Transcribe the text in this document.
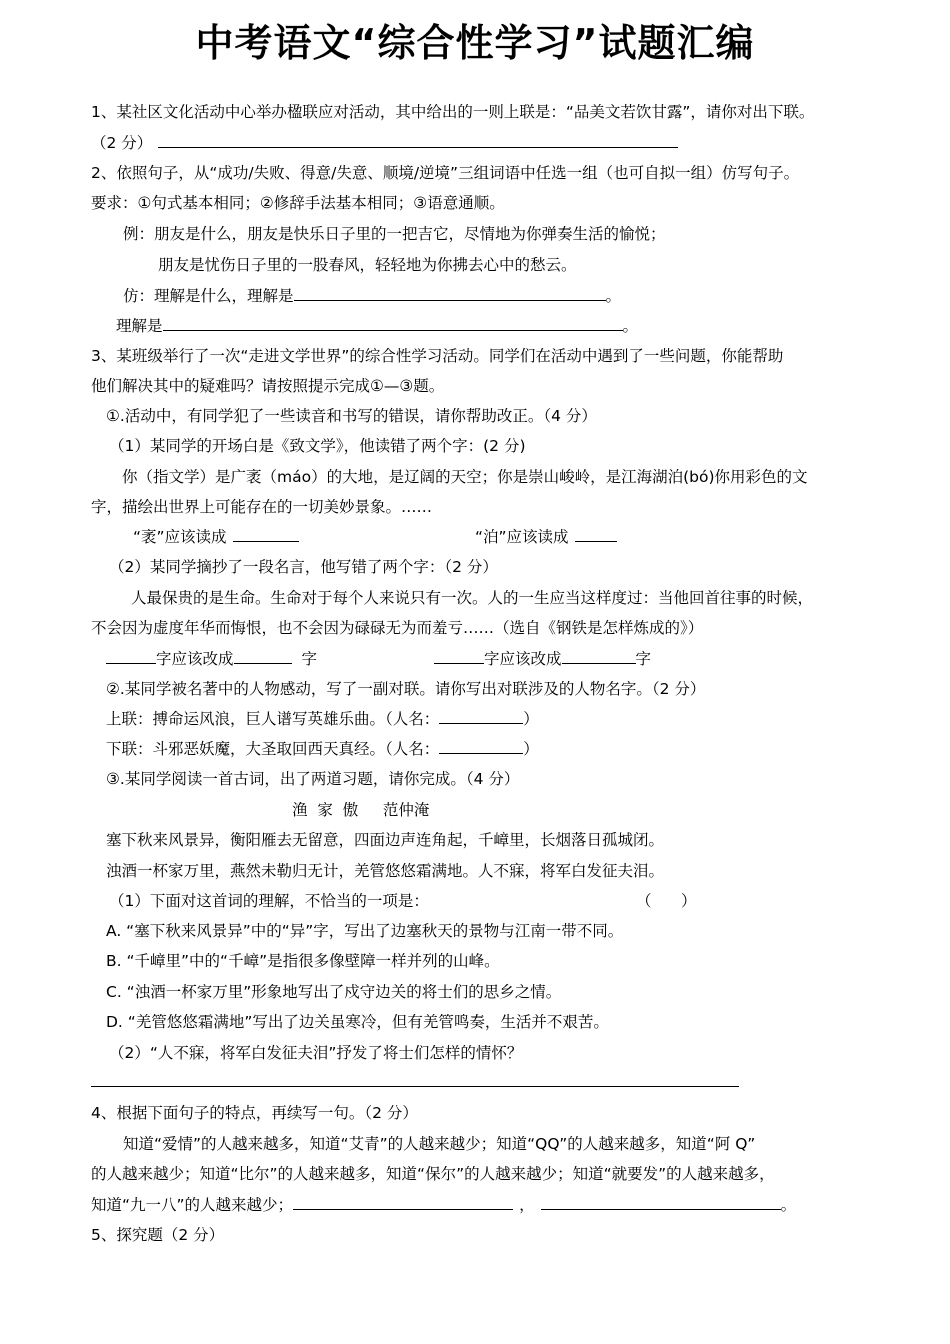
中考语文“综合性学习”试题汇编
1、某社区文化活动中心举办楹联应对活动，其中给出的一则上联是：“品美文若饮甘露”，请你对出下联。
（2 分）
2、依照句子，从“成功/失败、得意/失意、顺境/逆境”三组词语中任选一组（也可自拟一组）仿写句子。
要求：①句式基本相同；②修辞手法基本相同；③语意通顺。
例：朋友是什么，朋友是快乐日子里的一把吉它，尽情地为你弹奏生活的愉悦；
朋友是忧伤日子里的一股春风，轻轻地为你拂去心中的愁云。
仿：理解是什么，理解是	。
理解是	。
3、某班级举行了一次“走进文学世界”的综合性学习活动。同学们在活动中遇到了一些问题，你能帮助
他们解决其中的疑难吗？请按照提示完成①—③题。
①.活动中，有同学犯了一些读音和书写的错误，请你帮助改正。（4 分）
（1）某同学的开场白是《致文学》，他读错了两个字：(2 分)
你（指文学）是广袤（máo）的大地，是辽阔的天空；你是崇山峻岭，是江海湖泊(bó)你用彩色的文
字，描绘出世界上可能存在的一切美妙景象。……
“袤”应该读成	“泊”应该读成
（2）某同学摘抄了一段名言，他写错了两个字：（2 分）
人最保贵的是生命。生命对于每个人来说只有一次。人的一生应当这样度过：当他回首往事的时候，
不会因为虚度年华而悔恨，也不会因为碌碌无为而羞亏……（选自《钢铁是怎样炼成的》）
字应该改成	字	字应该改成	字
②.某同学被名著中的人物感动，写了一副对联。请你写出对联涉及的人物名字。（2 分）
上联：搏命运风浪，巨人谱写英雄乐曲。（人名：	）
下联：斗邪恶妖魔，大圣取回西天真经。（人名：	）
③.某同学阅读一首古词，出了两道习题，请你完成。（4 分）
渔  家  傲     范仲淹
塞下秋来风景异，衡阳雁去无留意，四面边声连角起，千嶂里，长烟落日孤城闭。
浊酒一杯家万里，燕然未勒归无计，羌管悠悠霜满地。人不寐，将军白发征夫泪。
（1）下面对这首词的理解，不恰当的一项是：	（      ）
A. “塞下秋来风景异”中的“异”字，写出了边塞秋天的景物与江南一带不同。
B. “千嶂里”中的“千嶂”是指很多像壁障一样并列的山峰。
C. “浊酒一杯家万里”形象地写出了戍守边关的将士们的思乡之情。
D. “羌管悠悠霜满地”写出了边关虽寒冷，但有羌管鸣奏，生活并不艰苦。
（2）“人不寐，将军白发征夫泪”抒发了将士们怎样的情怀？
4、根据下面句子的特点，再续写一句。（2 分）
知道“爱情”的人越来越多，知道“艾青”的人越来越少；知道“QQ”的人越来越多，知道“阿 Q”
的人越来越少；知道“比尔”的人越来越多，知道“保尔”的人越来越少；知道“就要发”的人越来越多，
知道“九一八”的人越来越少；	，	。
5、探究题（2 分）
